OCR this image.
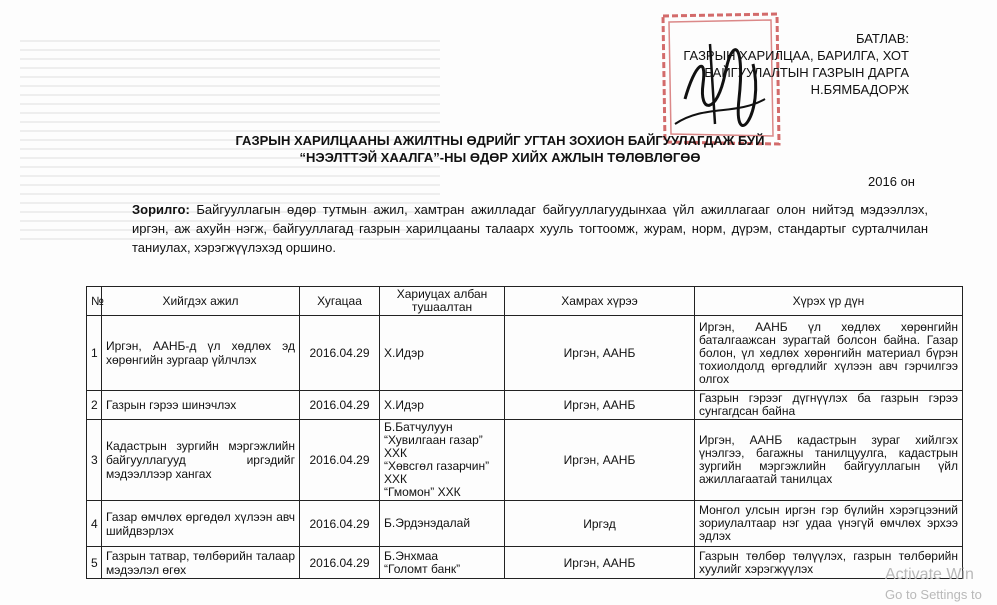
БАТЛАВ:
ГАЗРЫН ХАРИЛЦАА, БАРИЛГА, ХОТ
БАЙГУУЛАЛТЫН ГАЗРЫН ДАРГА
Н.БЯМБАДОРЖ
ГАЗРЫН ХАРИЛЦААНЫ АЖИЛТНЫ ӨДРИЙГ УГТАН ЗОХИОН БАЙГУУЛАГДАЖ БУЙ
“НЭЭЛТТЭЙ ХААЛГА”-НЫ ӨДӨР ХИЙХ АЖЛЫН ТӨЛӨВЛӨГӨӨ
2016 он
Зорилго: Байгууллагын өдөр тутмын ажил, хамтран ажилладаг байгууллагуудынхаа үйл ажиллагааг олон нийтэд мэдээллэх, иргэн, аж ахуйн нэгж, байгууллагад газрын харилцааны талаарх хууль тогтоомж, журам, норм, дүрэм, стандартыг сурталчилан таниулах, хэрэгжүүлэхэд оршино.
№	Хийгдэх ажил	Хугацаа	Хариуцах албан тушаалтан	Хамрах хүрээ	Хүрэх үр дүн
1	Иргэн, ААНБ-д үл хөдлөх эд хөрөнгийн зургаар үйлчлэх	2016.04.29	Х.Идэр	Иргэн, ААНБ	Иргэн, ААНБ үл хөдлөх хөрөнгийн баталгаажсан зурагтай болсон байна. Газар болон, үл хөдлөх хөрөнгийн материал бүрэн тохиолдолд өргөдлийг хүлээн авч гэрчилгээ олгох
2	Газрын гэрээ шинэчлэх	2016.04.29	Х.Идэр	Иргэн, ААНБ	Газрын гэрээг дүгнүүлэх ба газрын гэрээ сунгагдсан байна
3	Кадастрын зургийн мэргэжлийн байгууллагууд иргэдийг мэдээллээр хангах	2016.04.29	Б.Батчулуун
“Хувилгаан газар” ХХК
“Хөвсгөл газарчин” ХХК
“Гмомон” ХХК	Иргэн, ААНБ	Иргэн, ААНБ кадастрын зураг хийлгэх үнэлгээ, багажны танилцуулга, кадастрын зургийн мэргэжлийн байгууллагын үйл ажиллагаатай танилцах
4	Газар өмчлөх өргөдөл хүлээн авч шийдвэрлэх	2016.04.29	Б.Эрдэнэдалай	Иргэд	Монгол улсын иргэн гэр бүлийн хэрэгцээний зориулалтаар нэг удаа үнэгүй өмчлөх эрхээ эдлэх
5	Газрын татвар, төлбөрийн талаар мэдээлэл өгөх	2016.04.29	Б.Энхмаа
“Голомт банк”	Иргэн, ААНБ	Газрын төлбөр төлүүлэх, газрын төлбөрийн хуулийг хэрэгжүүлэх	Activate Win
Go to Settings to
